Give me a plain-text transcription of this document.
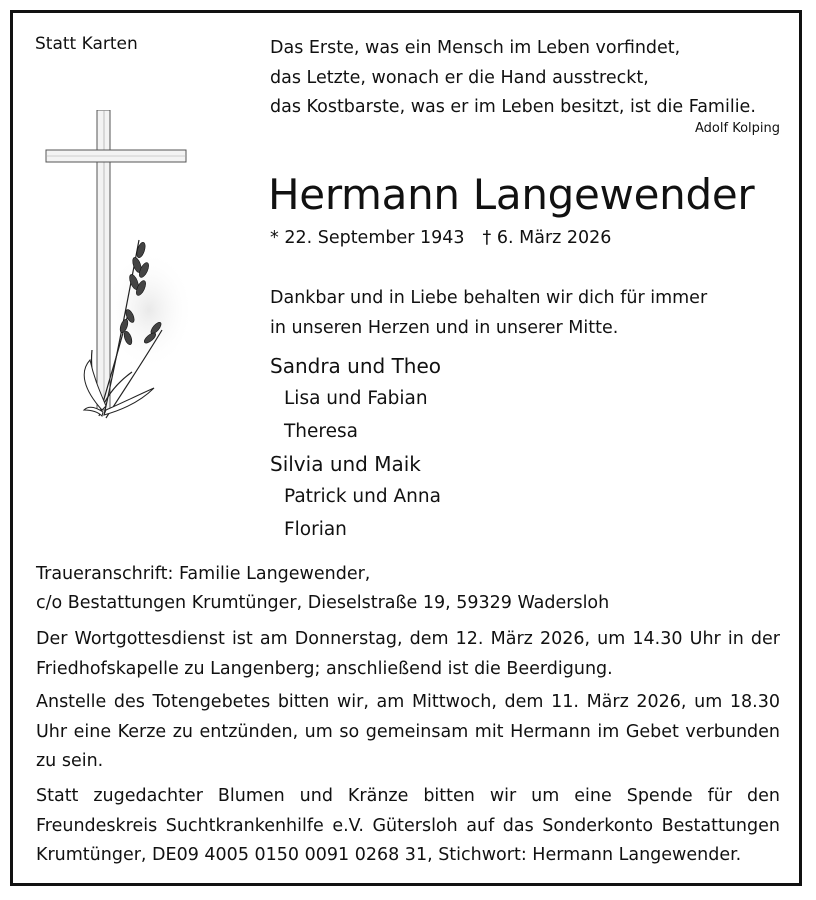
Statt Karten	Das Erste, was ein Mensch im Leben vorfindet,
das Letzte, wonach er die Hand ausstreckt,
das Kostbarste, was er im Leben besitzt, ist die Familie.
Adolf Kolping
Hermann Langewender
* 22. September 1943 † 6. März 2026
Dankbar und in Liebe behalten wir dich für immer
in unseren Herzen und in unserer Mitte.
Sandra und Theo
Lisa und Fabian
Theresa
Silvia und Maik
Patrick und Anna
Florian
Traueranschrift: Familie Langewender,
c/o Bestattungen Krumtünger, Dieselstraße 19, 59329 Wadersloh

Der Wortgottesdienst ist am Donnerstag, dem 12. März 2026, um 14.30 Uhr in der Friedhofskapelle zu Langenberg; anschließend ist die Beerdigung.

Anstelle des Totengebetes bitten wir, am Mittwoch, dem 11. März 2026, um 18.30 Uhr eine Kerze zu entzünden, um so gemeinsam mit Hermann im Gebet verbunden zu sein.

Statt zugedachter Blumen und Kränze bitten wir um eine Spende für den Freundeskreis Suchtkrankenhilfe e.V. Gütersloh auf das Sonderkonto Bestattungen Krumtünger, DE09 4005 0150 0091 0268 31, Stichwort: Hermann Langewender.
